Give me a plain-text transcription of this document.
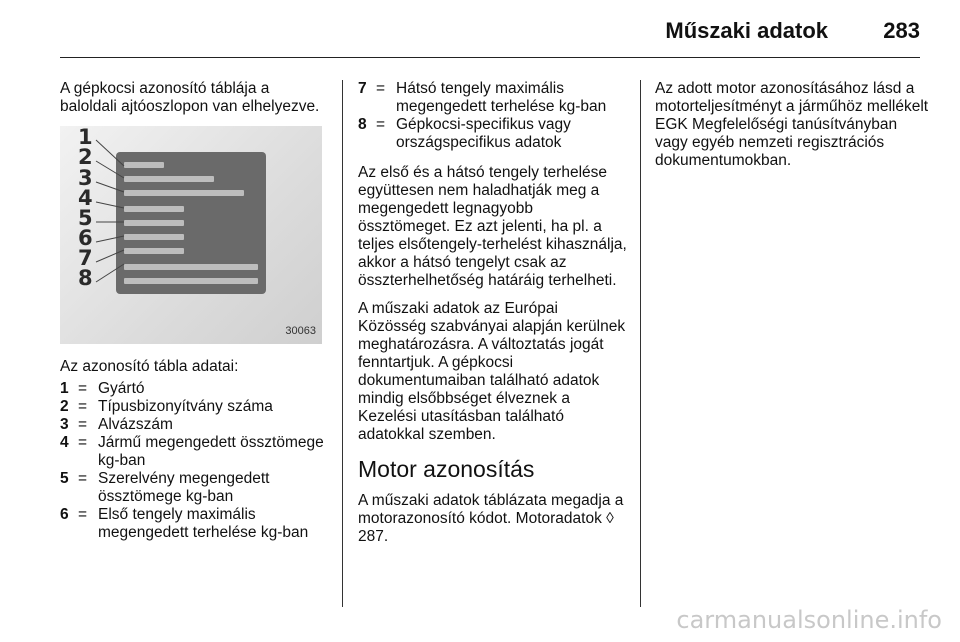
Műszaki adatok	283

A gépkocsi azonosító táblája a baloldali ajtóoszlopon van elhelyezve.

1
2
3
4
5
6
7
8
30063

Az azonosító tábla adatai:

1 = Gyártó
2 = Típusbizonyítvány száma
3 = Alvázszám
4 = Jármű megengedett össztömege kg-ban
5 = Szerelvény megengedett össztömege kg-ban
6 = Első tengely maximális megengedett terhelése kg-ban
7 = Hátsó tengely maximális megengedett terhelése kg-ban
8 = Gépkocsi-specifikus vagy országspecifikus adatok

Az első és a hátsó tengely terhelése együttesen nem haladhatják meg a megengedett legnagyobb össztömeget. Ez azt jelenti, ha pl. a teljes elsőtengely-terhelést kihasználja, akkor a hátsó tengelyt csak az összterhelhetőség határáig terhelheti.

A műszaki adatok az Európai Közösség szabványai alapján kerülnek meghatározásra. A változtatás jogát fenntartjuk. A gépkocsi dokumentumaiban található adatok mindig elsőbbséget élveznek a Kezelési utasításban található adatokkal szemben.

Motor azonosítás

A műszaki adatok táblázata megadja a motorazonosító kódot. Motoradatok ◊ 287.

Az adott motor azonosításához lásd a motorteljesítményt a járműhöz mellékelt EGK Megfelelőségi tanúsítványban vagy egyéb nemzeti regisztrációs dokumentumokban.

carmanualsonline.info
